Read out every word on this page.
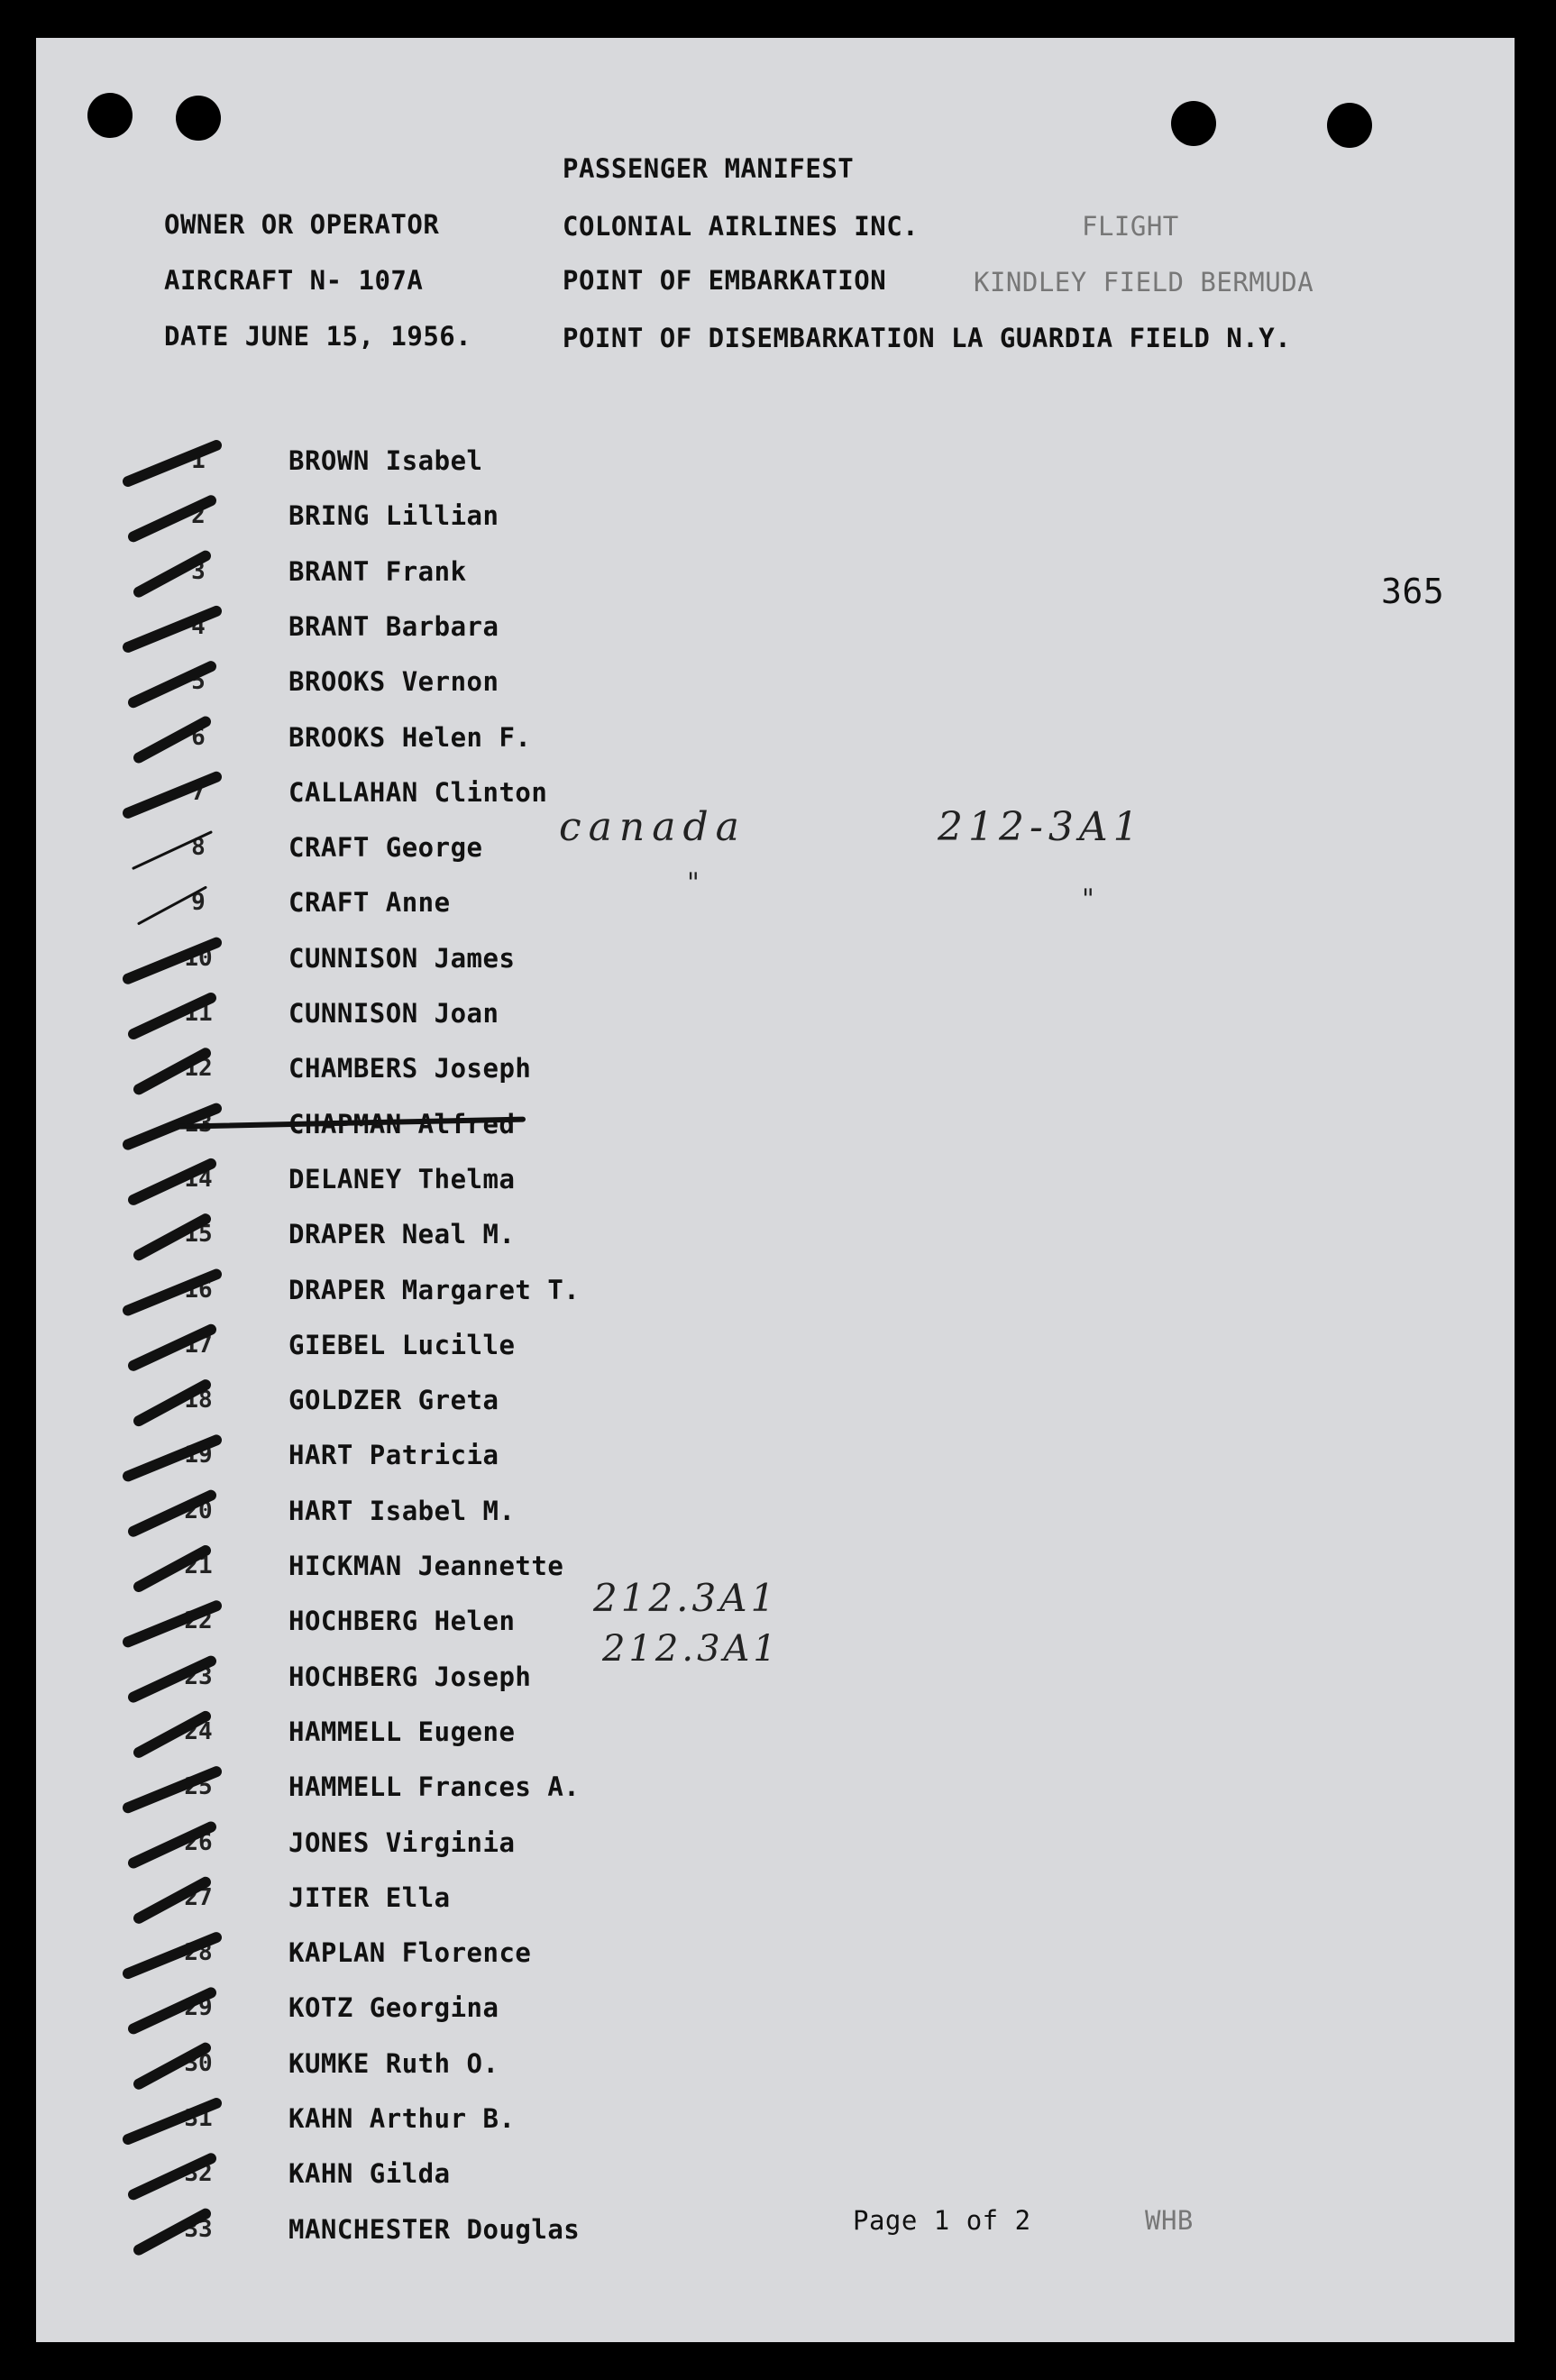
PASSENGER MANIFEST
OWNER OR OPERATOR	COLONIAL AIRLINES INC.	FLIGHT
AIRCRAFT N- 107A	POINT OF EMBARKATION	KINDLEY FIELD BERMUDA
DATE JUNE 15, 1956.	POINT OF DISEMBARKATION LA GUARDIA FIELD N.Y.
365
1	BROWN Isabel
2	BRING Lillian
3	BRANT Frank
4	BRANT Barbara
5	BROOKS Vernon
6	BROOKS Helen F.
7	CALLAHAN Clinton
8	CRAFT George
9	CRAFT Anne
10	CUNNISON James
11	CUNNISON Joan
12	CHAMBERS Joseph
13	CHAPMAN Alfred
14	DELANEY Thelma
15	DRAPER Neal M.
16	DRAPER Margaret T.
17	GIEBEL Lucille
18	GOLDZER Greta
19	HART Patricia
20	HART Isabel M.
21	HICKMAN Jeannette
22	HOCHBERG Helen
23	HOCHBERG Joseph
24	HAMMELL Eugene
25	HAMMELL Frances A.
26	JONES Virginia
27	JITER Ella
28	KAPLAN Florence
29	KOTZ Georgina
30	KUMKE Ruth O.
31	KAHN Arthur B.
32	KAHN Gilda
33	MANCHESTER Douglas
canada	212-3A1
"
"
212.3A1
212.3A1
Page 1 of 2	WHB
